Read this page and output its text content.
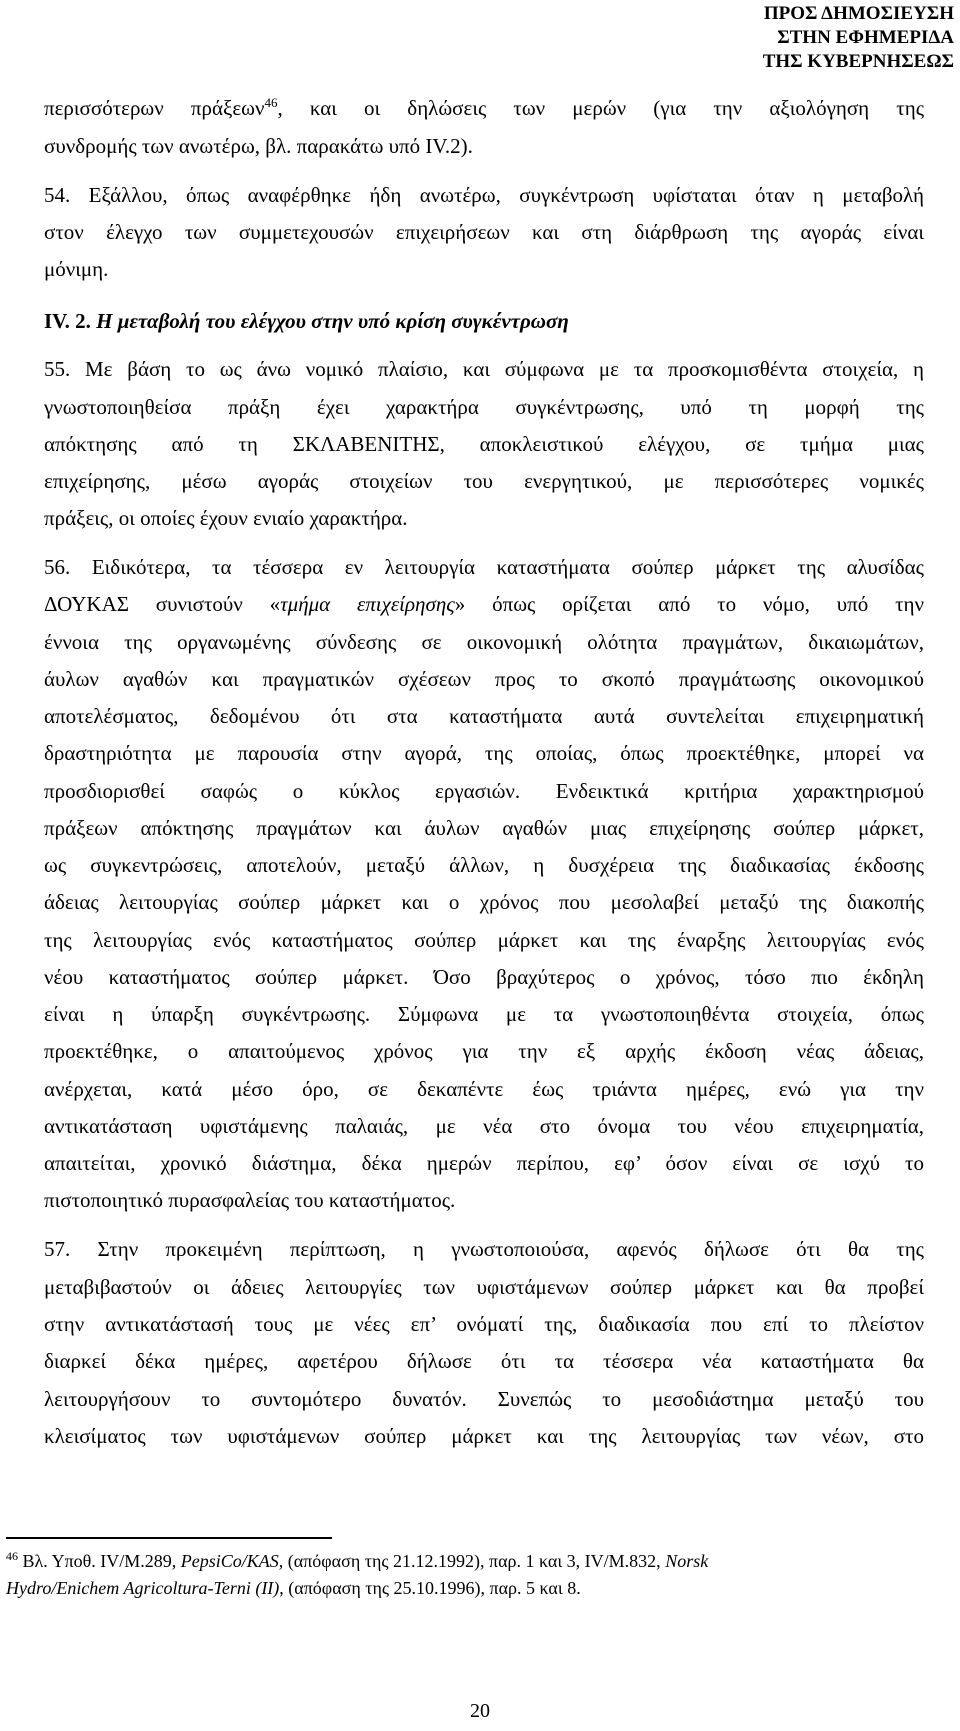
ΠΡΟΣ ΔΗΜΟΣΙΕΥΣΗ
ΣΤΗΝ ΕΦΗΜΕΡΙΔΑ
ΤΗΣ ΚΥΒΕΡΝΗΣΕΩΣ
περισσότερων πράξεων$^{46}$, και οι δηλώσεις των μερών (για την αξιολόγηση της
συνδρομής των ανωτέρω, βλ. παρακάτω υπό IV.2).
54. Εξάλλου, όπως αναφέρθηκε ήδη ανωτέρω, συγκέντρωση υφίσταται όταν η μεταβολή
στον έλεγχο των συμμετεχουσών επιχειρήσεων και στη διάρθρωση της αγοράς είναι
μόνιμη.
IV. 2. Η μεταβολή του ελέγχου στην υπό κρίση συγκέντρωση
55. Με βάση το ως άνω νομικό πλαίσιο, και σύμφωνα με τα προσκομισθέντα στοιχεία, η
γνωστοποιηθείσα πράξη έχει χαρακτήρα συγκέντρωσης, υπό τη μορφή της
απόκτησης από τη ΣΚΛΑΒΕΝΙΤΗΣ, αποκλειστικού ελέγχου, σε τμήμα μιας
επιχείρησης, μέσω αγοράς στοιχείων του ενεργητικού, με περισσότερες νομικές
πράξεις, οι οποίες έχουν ενιαίο χαρακτήρα.
56. Ειδικότερα, τα τέσσερα εν λειτουργία καταστήματα σούπερ μάρκετ της αλυσίδας
ΔΟΥΚΑΣ συνιστούν «τμήμα επιχείρησης» όπως ορίζεται από το νόμο, υπό την
έννοια της οργανωμένης σύνδεσης σε οικονομική ολότητα πραγμάτων, δικαιωμάτων,
άυλων αγαθών και πραγματικών σχέσεων προς το σκοπό πραγμάτωσης οικονομικού
αποτελέσματος, δεδομένου ότι στα καταστήματα αυτά συντελείται επιχειρηματική
δραστηριότητα με παρουσία στην αγορά, της οποίας, όπως προεκτέθηκε, μπορεί να
προσδιορισθεί σαφώς ο κύκλος εργασιών. Ενδεικτικά κριτήρια χαρακτηρισμού
πράξεων απόκτησης πραγμάτων και άυλων αγαθών μιας επιχείρησης σούπερ μάρκετ,
ως συγκεντρώσεις, αποτελούν, μεταξύ άλλων, η δυσχέρεια της διαδικασίας έκδοσης
άδειας λειτουργίας σούπερ μάρκετ και ο χρόνος που μεσολαβεί μεταξύ της διακοπής
της λειτουργίας ενός καταστήματος σούπερ μάρκετ και της έναρξης λειτουργίας ενός
νέου καταστήματος σούπερ μάρκετ. Όσο βραχύτερος ο χρόνος, τόσο πιο έκδηλη
είναι η ύπαρξη συγκέντρωσης. Σύμφωνα με τα γνωστοποιηθέντα στοιχεία, όπως
προεκτέθηκε, ο απαιτούμενος χρόνος για την εξ αρχής έκδοση νέας άδειας,
ανέρχεται, κατά μέσο όρο, σε δεκαπέντε έως τριάντα ημέρες, ενώ για την
αντικατάσταση υφιστάμενης παλαιάς, με νέα στο όνομα του νέου επιχειρηματία,
απαιτείται, χρονικό διάστημα, δέκα ημερών περίπου, εφ’ όσον είναι σε ισχύ το
πιστοποιητικό πυρασφαλείας του καταστήματος.
57. Στην προκειμένη περίπτωση, η γνωστοποιούσα, αφενός δήλωσε ότι θα της
μεταβιβαστούν οι άδειες λειτουργίες των υφιστάμενων σούπερ μάρκετ και θα προβεί
στην αντικατάστασή τους με νέες επ’ ονόματί της, διαδικασία που επί το πλείστον
διαρκεί δέκα ημέρες, αφετέρου δήλωσε ότι τα τέσσερα νέα καταστήματα θα
λειτουργήσουν το συντομότερο δυνατόν. Συνεπώς το μεσοδιάστημα μεταξύ του
κλεισίματος των υφιστάμενων σούπερ μάρκετ και της λειτουργίας των νέων, στο
$^{46}$ Βλ. Υποθ. IV/M.289, PepsiCo/KAS, (απόφαση της 21.12.1992), παρ. 1 και 3, IV/M.832, Norsk
Hydro/Enichem Agricoltura-Terni (II), (απόφαση της 25.10.1996), παρ. 5 και 8.
20
